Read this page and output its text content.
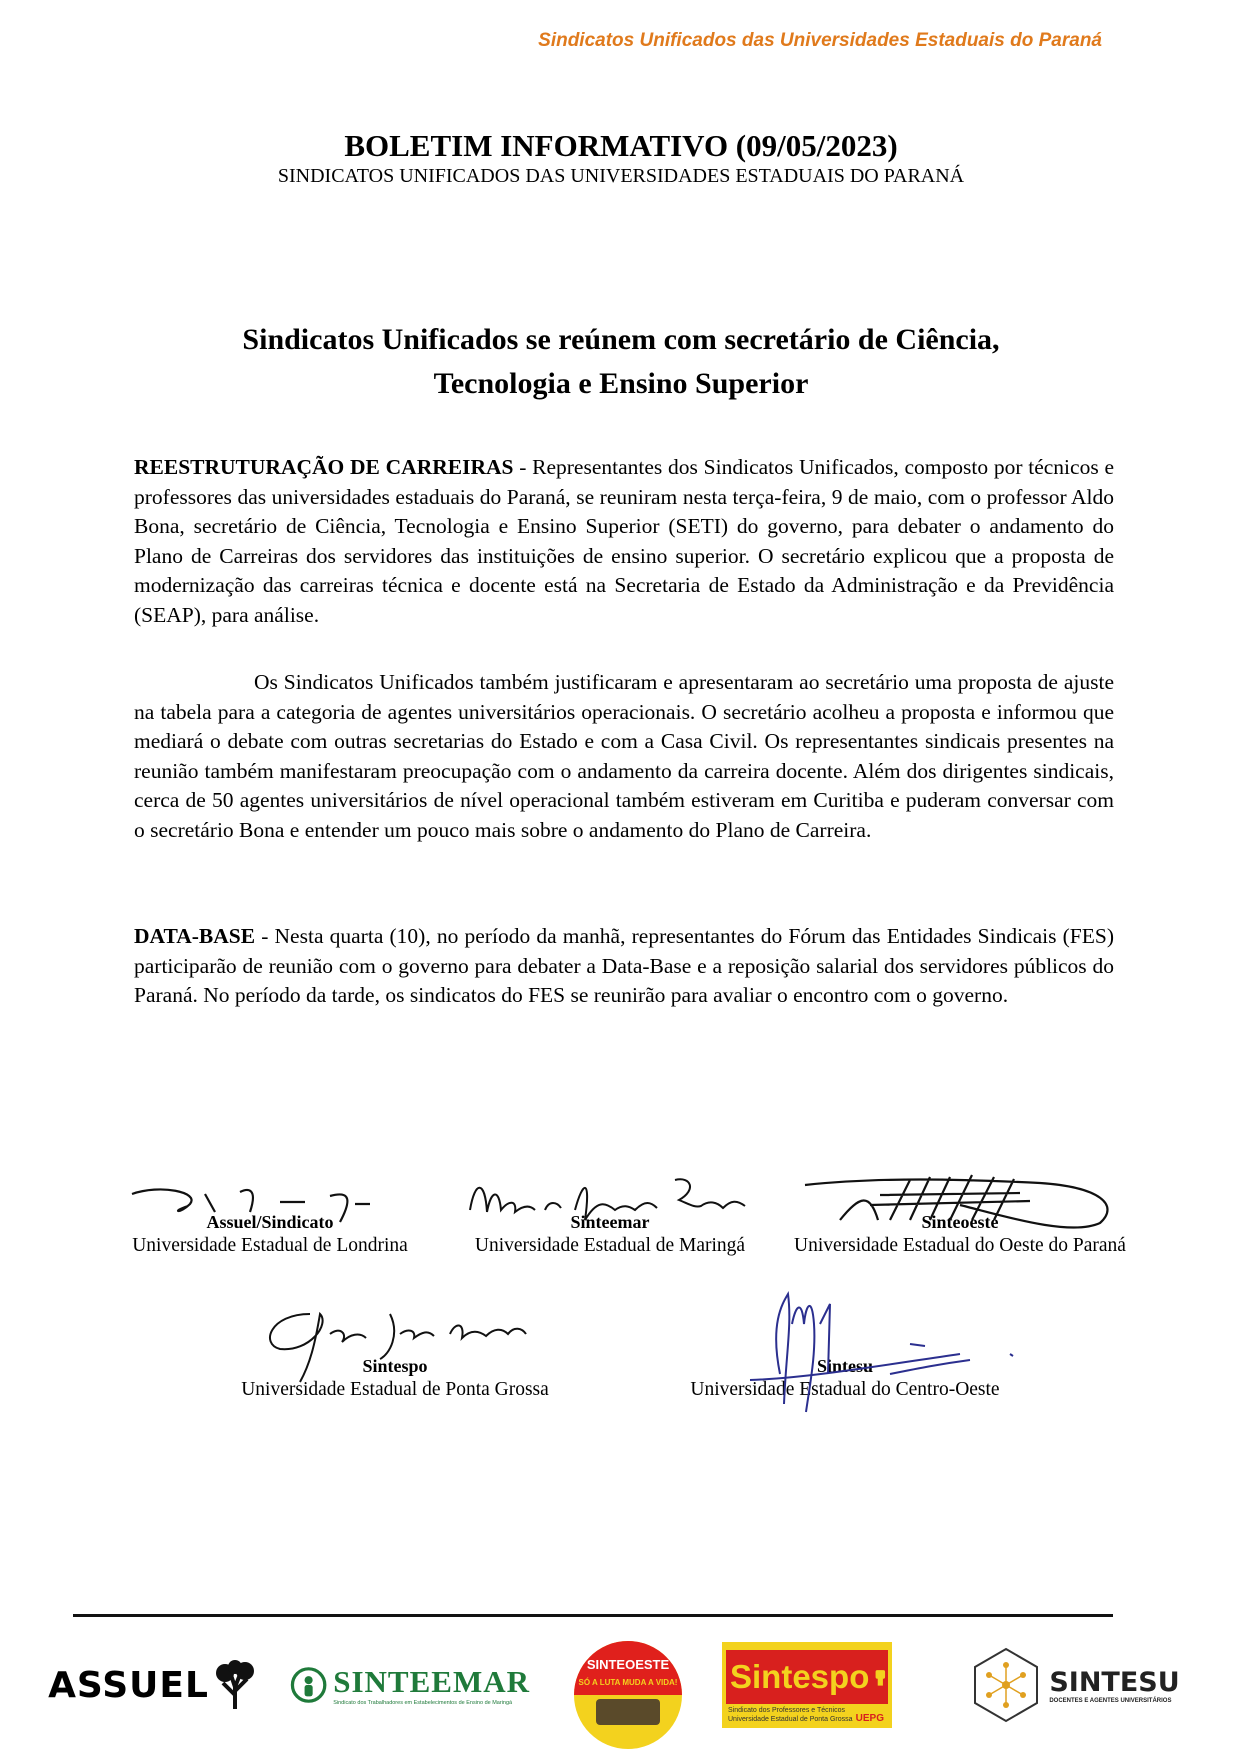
Sindicatos Unificados das Universidades Estaduais do Paraná
BOLETIM INFORMATIVO (09/05/2023)
SINDICATOS UNIFICADOS DAS UNIVERSIDADES ESTADUAIS DO PARANÁ
Sindicatos Unificados se reúnem com secretário de Ciência,
Tecnologia e Ensino Superior

REESTRUTURAÇÃO DE CARREIRAS - Representantes dos Sindicatos Unificados, composto por técnicos e professores das universidades estaduais do Paraná, se reuniram nesta terça-feira, 9 de maio, com o professor Aldo Bona, secretário de Ciência, Tecnologia e Ensino Superior (SETI) do governo, para debater o andamento do Plano de Carreiras dos servidores das instituições de ensino superior. O secretário explicou que a proposta de modernização das carreiras técnica e docente está na Secretaria de Estado da Administração e da Previdência (SEAP), para análise.

Os Sindicatos Unificados também justificaram e apresentaram ao secretário uma proposta de ajuste na tabela para a categoria de agentes universitários operacionais. O secretário acolheu a proposta e informou que mediará o debate com outras secretarias do Estado e com a Casa Civil. Os representantes sindicais presentes na reunião também manifestaram preocupação com o andamento da carreira docente. Além dos dirigentes sindicais, cerca de 50 agentes universitários de nível operacional também estiveram em Curitiba e puderam conversar com o secretário Bona e entender um pouco mais sobre o andamento do Plano de Carreira.

DATA-BASE - Nesta quarta (10), no período da manhã, representantes do Fórum das Entidades Sindicais (FES) participarão de reunião com o governo para debater a Data-Base e a reposição salarial dos servidores públicos do Paraná. No período da tarde, os sindicatos do FES se reunirão para avaliar o encontro com o governo.

Assuel/Sindicato
Universidade Estadual de Londrina
Sinteemar
Universidade Estadual de Maringá
Sinteoeste
Universidade Estadual do Oeste do Paraná
Sintespo
Universidade Estadual de Ponta Grossa
Sintesu
Universidade Estadual do Centro-Oeste
ASSUEL	SINTEEMAR
Sindicato dos Trabalhadores em Estabelecimentos de Ensino de Maringá
SINTEOESTE
SÓ A LUTA MUDA A VIDA! Sintespo
Sindicato dos Professores e Técnicos
Universidade Estadual de Ponta Grossa UEPG
SINTESU
DOCENTES E AGENTES UNIVERSITÁRIOS
